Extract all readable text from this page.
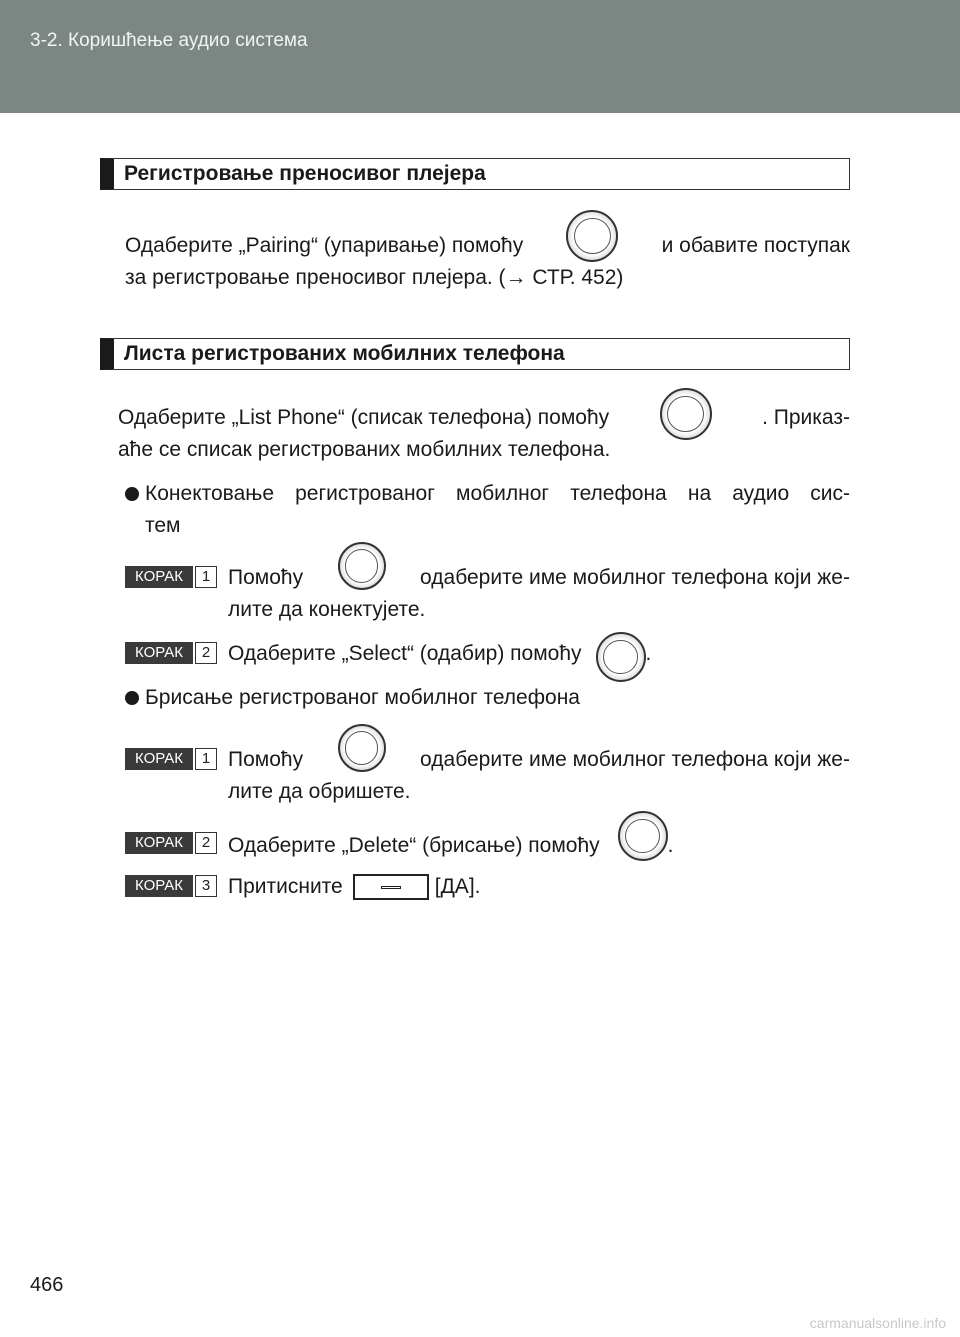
3-2. Коришћење аудио система
Регистровање преносивог плејера
Одаберите „Pairing“ (упаривање) помоћу	и обавите поступак
за регистровање преносивог плејера. (→ СТР. 452)
Листа регистрованих мобилних телефона
Одаберите „List Phone“ (списак телефона) помоћу	. Приказ-
аће се списак регистрованих мобилних телефона.
Конектовање регистрованог мобилног телефона на аудио сис-
тем
КОРАК	1 Помоћу	одаберите име мобилног телефона који же-
лите да конектујете.
КОРАК	2 Одаберите „Select“ (одабир) помоћу	.
Брисање регистрованог мобилног телефона
КОРАК	1 Помоћу	одаберите име мобилног телефона који же-
лите да обришете.
КОРАК	2 Одаберите „Delete“ (брисање) помоћу	.
КОРАК	3 Притисните	[ДА].
466
carmanualsonline.info
